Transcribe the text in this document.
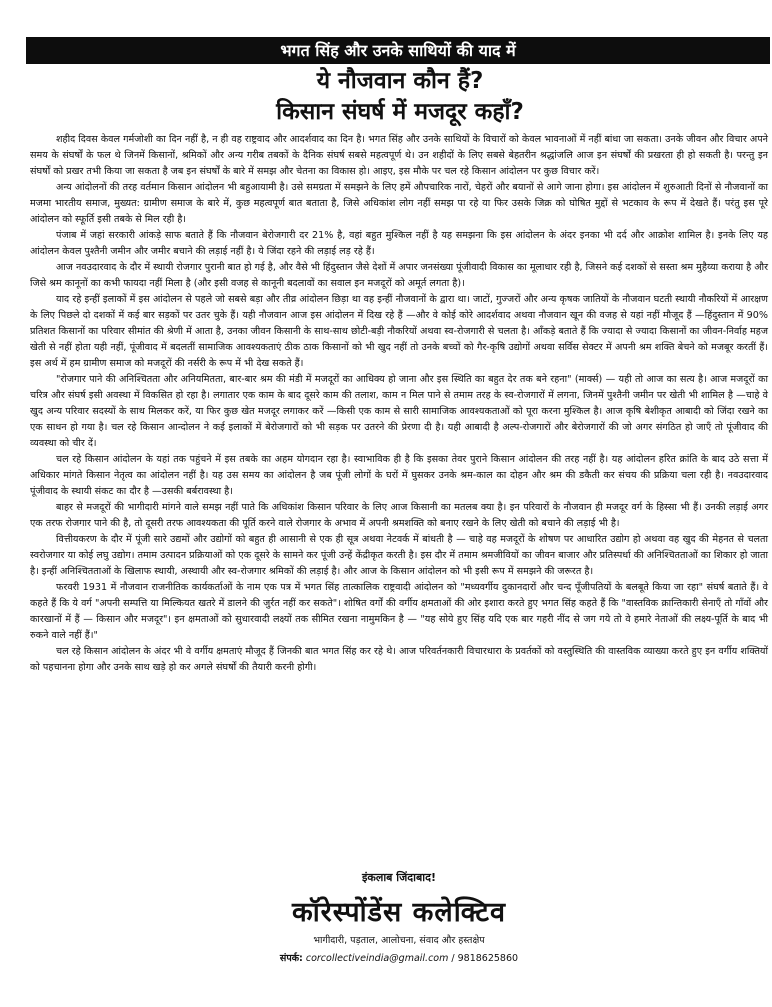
भगत सिंह और उनके साथियों की याद में
ये नौजवान कौन हैं?
किसान संघर्ष में मजदूर कहाँ?

शहीद दिवस केवल गर्मजोशी का दिन नहीं है, न ही वह राष्ट्रवाद और आदर्शवाद का दिन है। भगत सिंह और उनके साथियों के विचारों को केवल भावनाओं में नहीं बांधा जा सकता। उनके जीवन और विचार अपने समय के संघर्षों के फल थे जिनमें किसानों, श्रमिकों और अन्य गरीब तबकों के दैनिक संघर्ष सबसे महत्वपूर्ण थे। उन शहीदों के लिए सबसे बेहतरीन श्रद्धांजलि आज इन संघर्षों की प्रखरता ही हो सकती है। परन्तु इन संघर्षों को प्रखर तभी किया जा सकता है जब इन संघर्षों के बारे में समझ और चेतना का विकास हो। आइए, इस मौके पर चल रहे किसान आंदोलन पर कुछ विचार करें।

अन्य आंदोलनों की तरह वर्तमान किसान आंदोलन भी बहुआयामी है। उसे समग्रता में समझने के लिए हमें औपचारिक नारों, चेहरों और बयानों से आगे जाना होगा। इस आंदोलन में शुरुआती दिनों से नौजवानों का मजमा भारतीय समाज, मुख्यत: ग्रामीण समाज के बारे में, कुछ महत्वपूर्ण बात बताता है, जिसे अधिकांश लोग नहीं समझ पा रहे या फिर उसके जिक्र को घोषित मुद्दों से भटकाव के रूप में देखते हैं। परंतु इस पूरे आंदोलन को स्फूर्ति इसी तबके से मिल रही है।

पंजाब में जहां सरकारी आंकड़े साफ बताते हैं कि नौजवान बेरोजगारी दर 21% है, वहां बहुत मुश्किल नहीं है यह समझना कि इस आंदोलन के अंदर इनका भी दर्द और आक्रोश शामिल है। इनके लिए यह आंदोलन केवल पुश्तैनी जमीन और जमीर बचाने की लड़ाई नहीं है। ये जिंदा रहने की लड़ाई लड़ रहे हैं।

आज नवउदारवाद के दौर में स्थायी रोजगार पुरानी बात हो गई है, और वैसे भी हिंदुस्तान जैसे देशों में अपार जनसंख्या पूंजीवादी विकास का मूलाधार रही है, जिसने कई दशकों से सस्ता श्रम मुहैय्या कराया है और जिसे श्रम कानूनों का कभी फायदा नहीं मिला है (और इसी वजह से कानूनी बदलावों का सवाल इन मजदूरों को अमूर्त लगता है)।

याद रहे इन्हीं इलाकों में इस आंदोलन से पहले जो सबसे बड़ा और तीव्र आंदोलन छिड़ा था वह इन्हीं नौजवानों के द्वारा था। जाटों, गुज्जरों और अन्य कृषक जातियों के नौजवान घटती स्थायी नौकरियों में आरक्षण के लिए पिछले दो दशकों में कई बार सड़कों पर उतर चुके हैं। यही नौजवान आज इस आंदोलन में दिख रहे हैं —और वे कोई कोरे आदर्शवाद अथवा नौजवान खून की वजह से यहां नहीं मौजूद हैं —हिंदुस्तान में 90% प्रतिशत किसानों का परिवार सीमांत की श्रेणी में आता है, उनका जीवन किसानी के साथ-साथ छोटी-बड़ी नौकरियों अथवा स्व-रोजगारी से चलता है। आँकड़े बताते हैं कि ज्यादा से ज्यादा किसानों का जीवन-निर्वाह महज खेती से नहीं होता यही नहीं, पूंजीवाद में बदलतीं सामाजिक आवश्यकताएं ठीक ठाक किसानों को भी खुद नहीं तो उनके बच्चों को गैर-कृषि उद्योगों अथवा सर्विस सेक्टर में अपनी श्रम शक्ति बेचने को मजबूर करतीं हैं। इस अर्थ में हम ग्रामीण समाज को मजदूरों की नर्सरी के रूप में भी देख सकते हैं।

"रोजगार पाने की अनिश्चितता और अनियमितता, बार-बार श्रम की मंडी में मजदूरों का आधिक्य हो जाना और इस स्थिति का बहुत देर तक बने रहना" (मार्क्स) — यही तो आज का सत्य है। आज मजदूरों का चरित्र और संघर्ष इसी अवस्था में विकसित हो रहा है। लगातार एक काम के बाद दूसरे काम की तलाश, काम न मिल पाने से तमाम तरह के स्व-रोजगारों में लगना, जिनमें पुश्तैनी जमीन पर खेती भी शामिल है —चाहे वे खुद अन्य परिवार सदस्यों के साथ मिलकर करें, या फिर कुछ खेत मजदूर लगाकर करें —किसी एक काम से सारी सामाजिक आवश्यकताओं को पूरा करना मुश्किल है। आज कृषि बेशीकृत आबादी को जिंदा रखने का एक साधन हो गया है। चल रहे किसान आन्दोलन ने कई इलाकों में बेरोजगारों को भी सड़क पर उतरने की प्रेरणा दी है। यही आबादी है अल्प-रोजगारों और बेरोजगारों की जो अगर संगठित हो जाएँ तो पूंजीवाद की व्यवस्था को चीर दें।

चल रहे किसान आंदोलन के यहां तक पहुंचने में इस तबके का अहम योगदान रहा है। स्वाभाविक ही है कि इसका तेवर पुराने किसान आंदोलन की तरह नहीं है। यह आंदोलन हरित क्रांति के बाद उठे सत्ता में अधिकार मांगते किसान नेतृत्व का आंदोलन नहीं है। यह उस समय का आंदोलन है जब पूंजी लोगों के घरों में घुसकर उनके श्रम-काल का दोहन और श्रम की डकैती कर संचय की प्रक्रिया चला रही है। नवउदारवाद पूंजीवाद के स्थायी संकट का दौर है —उसकी बर्बरावस्था है।

बाहर से मजदूरों की भागीदारी मांगने वाले समझ नहीं पाते कि अधिकांश किसान परिवार के लिए आज किसानी का मतलब क्या है। इन परिवारों के नौजवान ही मजदूर वर्ग के हिस्सा भी हैं। उनकी लड़ाई अगर एक तरफ रोजगार पाने की है, तो दूसरी तरफ आवश्यकता की पूर्ति करने वाले रोजगार के अभाव में अपनी श्रमशक्ति को बनाए रखने के लिए खेती को बचाने की लड़ाई भी है।

वित्तीयकरण के दौर में पूंजी सारे उद्यमों और उद्योगों को बहुत ही आसानी से एक ही सूत्र अथवा नेटवर्क में बांधती है — चाहे वह मजदूरों के शोषण पर आधारित उद्योग हो अथवा वह खुद की मेहनत से चलता स्वरोजगार या कोई लघु उद्योग। तमाम उत्पादन प्रक्रियाओं को एक दूसरे के सामने कर पूंजी उन्हें केंद्रीकृत करती है। इस दौर में तमाम श्रमजीवियों का जीवन बाजार और प्रतिस्पर्धा की अनिश्चितताओं का शिकार हो जाता है। इन्हीं अनिश्चितताओं के खिलाफ स्थायी, अस्थायी और स्व-रोजगार श्रमिकों की लड़ाई है। और आज के किसान आंदोलन को भी इसी रूप में समझने की जरूरत है।

फरवरी 1931 में नौजवान राजनीतिक कार्यकर्ताओं के नाम एक पत्र में भगत सिंह तात्कालिक राष्ट्रवादी आंदोलन को "मध्यवर्गीय दुकानदारों और चन्द पूँजीपतियों के बलबूते किया जा रहा" संघर्ष बताते हैं। वे कहते हैं कि ये वर्ग "अपनी सम्पत्ति या मिल्कियत खतरे में डालने की जुर्रत नहीं कर सकते"। शोषित वर्गों की वर्गीय क्षमताओं की ओर इशारा करते हुए भगत सिंह कहते हैं कि "वास्तविक क्रान्तिकारी सेनाएँ तो गाँवों और कारखानों में हैं — किसान और मजदूर"। इन क्षमताओं को सुधारवादी लक्ष्यों तक सीमित रखना नामुमकिन है — "यह सोये हुए सिंह यदि एक बार गहरी नींद से जग गये तो वे हमारे नेताओं की लक्ष्य-पूर्ति के बाद भी रुकने वाले नहीं हैं।"

चल रहे किसान आंदोलन के अंदर भी वे वर्गीय क्षमताएं मौजूद हैं जिनकी बात भगत सिंह कर रहे थे। आज परिवर्तनकारी विचारधारा के प्रवर्तकों को वस्तुस्थिति की वास्तविक व्याख्या करते हुए इन वर्गीय शक्तियों को पहचानना होगा और उनके साथ खड़े हो कर अगले संघर्षों की तैयारी करनी होगी।

इंकलाब जिंदाबाद!
कॉरेस्पोंडेंस कलेक्टिव
भागीदारी, पड़ताल, आलोचना, संवाद और हस्तक्षेप
संपर्क: corcollectiveindia@gmail.com / 9818625860
